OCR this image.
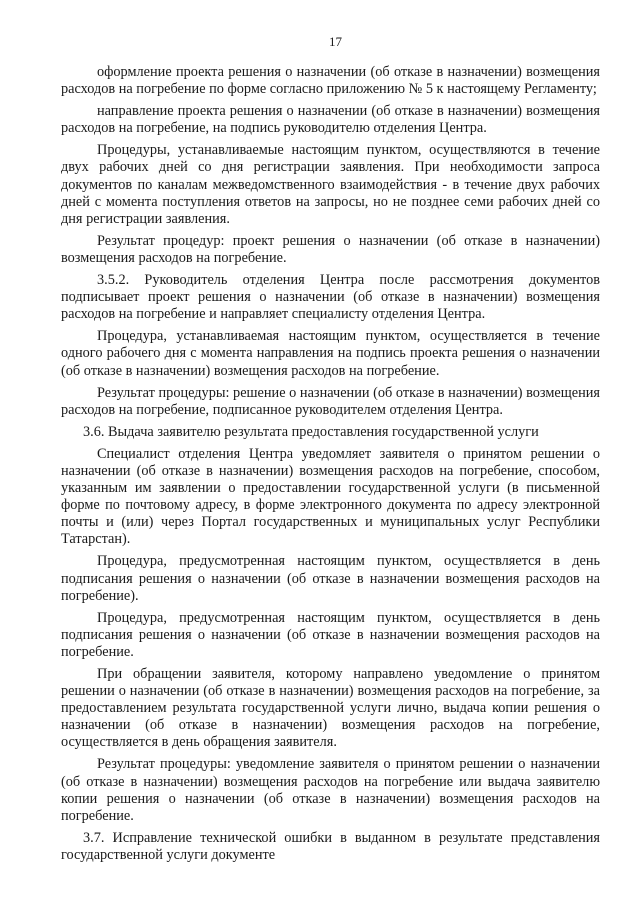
17

оформление проекта решения о назначении (об отказе в назначении) возмещения расходов на погребение по форме согласно приложению № 5 к настоящему Регламенту;

направление проекта решения о назначении (об отказе в назначении) возмещения расходов на погребение, на подпись руководителю отделения Центра.

Процедуры, устанавливаемые настоящим пунктом, осуществляются в течение двух рабочих дней со дня регистрации заявления. При необходимости запроса документов по каналам межведомственного взаимодействия - в течение двух рабочих дней с момента поступления ответов на запросы, но не позднее семи рабочих дней со дня регистрации заявления.

Результат процедур: проект решения о назначении (об отказе в назначении) возмещения расходов на погребение.

3.5.2. Руководитель отделения Центра после рассмотрения документов подписывает проект решения о назначении (об отказе в назначении) возмещения расходов на погребение и направляет специалисту отделения Центра.

Процедура, устанавливаемая настоящим пунктом, осуществляется в течение одного рабочего дня с момента направления на подпись проекта решения о назначении (об отказе в назначении) возмещения расходов на погребение.

Результат процедуры: решение о назначении (об отказе в назначении) возмещения расходов на погребение, подписанное руководителем отделения Центра.

3.6. Выдача заявителю результата предоставления государственной услуги

Специалист отделения Центра уведомляет заявителя о принятом решении о назначении (об отказе в назначении) возмещения расходов на погребение, способом, указанным им заявлении о предоставлении государственной услуги (в письменной форме по почтовому адресу, в форме электронного документа по адресу электронной почты и (или) через Портал государственных и муниципальных услуг Республики Татарстан).

Процедура, предусмотренная настоящим пунктом, осуществляется в день подписания решения о назначении (об отказе в назначении возмещения расходов на погребение).

Процедура, предусмотренная настоящим пунктом, осуществляется в день подписания решения о назначении (об отказе в назначении возмещения расходов на погребение.

При обращении заявителя, которому направлено уведомление о принятом решении о назначении (об отказе в назначении) возмещения расходов на погребение, за предоставлением результата государственной услуги лично, выдача копии решения о назначении (об отказе в назначении) возмещения расходов на погребение, осуществляется в день обращения заявителя.

Результат процедуры: уведомление заявителя о принятом решении о назначении (об отказе в назначении) возмещения расходов на погребение или выдача заявителю копии решения о назначении (об отказе в назначении) возмещения расходов на погребение.

3.7. Исправление технической ошибки в выданном в результате представления государственной услуги документе
